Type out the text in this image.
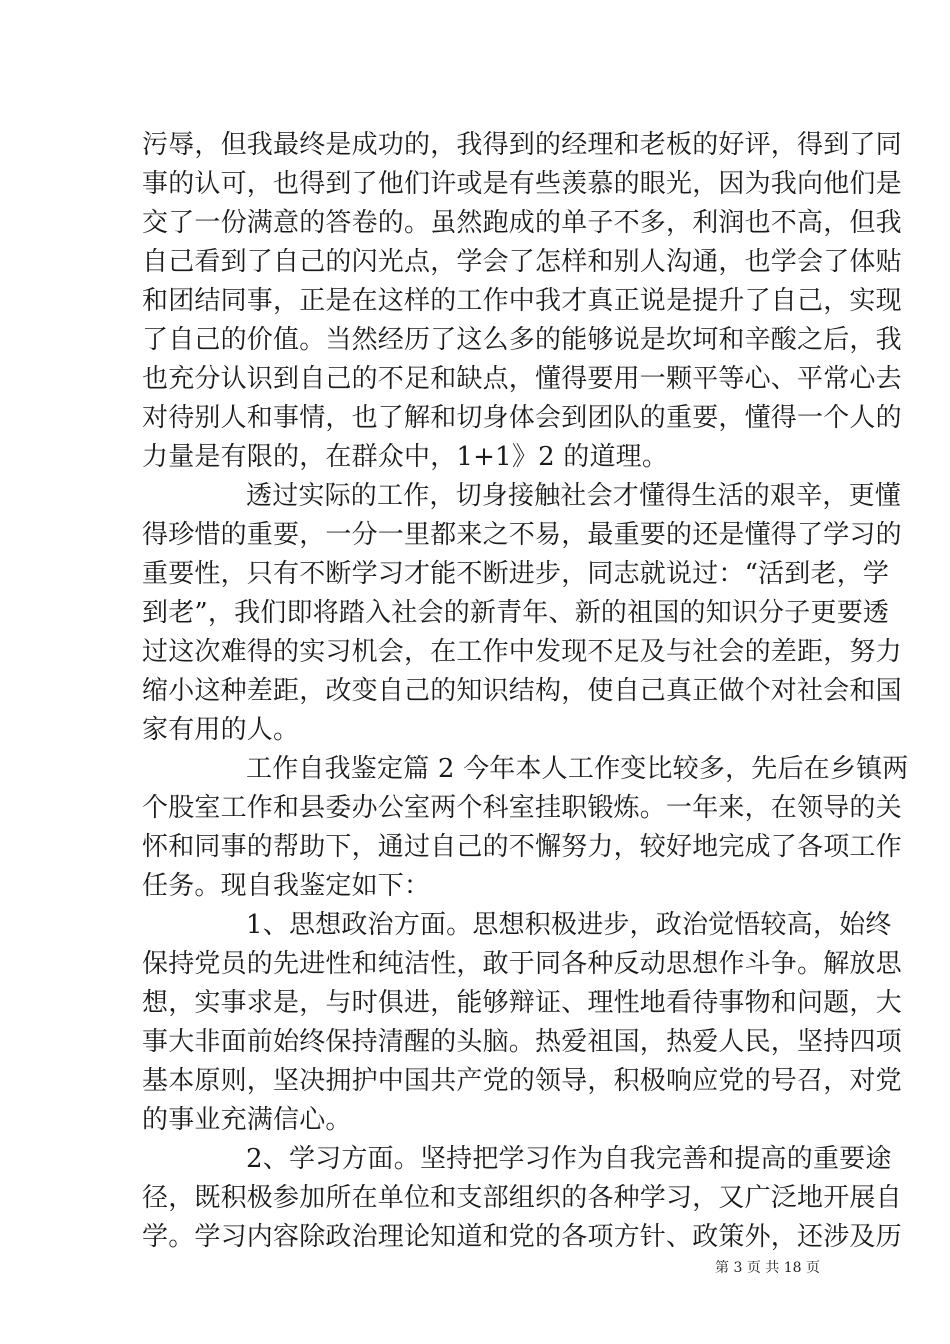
污辱，但我最终是成功的，我得到的经理和老板的好评，得到了同
事的认可，也得到了他们许或是有些羡慕的眼光，因为我向他们是
交了一份满意的答卷的。虽然跑成的单子不多，利润也不高，但我
自己看到了自己的闪光点，学会了怎样和别人沟通，也学会了体贴
和团结同事，正是在这样的工作中我才真正说是提升了自己，实现
了自己的价值。当然经历了这么多的能够说是坎坷和辛酸之后，我
也充分认识到自己的不足和缺点，懂得要用一颗平等心、平常心去
对待别人和事情，也了解和切身体会到团队的重要，懂得一个人的
力量是有限的，在群众中，1+1》2 的道理。
透过实际的工作，切身接触社会才懂得生活的艰辛，更懂
得珍惜的重要，一分一里都来之不易，最重要的还是懂得了学习的
重要性，只有不断学习才能不断进步，同志就说过：“活到老，学
到老”，我们即将踏入社会的新青年、新的祖国的知识分子更要透
过这次难得的实习机会，在工作中发现不足及与社会的差距，努力
缩小这种差距，改变自己的知识结构，使自己真正做个对社会和国
家有用的人。
工作自我鉴定篇 2 今年本人工作变比较多，先后在乡镇两
个股室工作和县委办公室两个科室挂职锻炼。一年来，在领导的关
怀和同事的帮助下，通过自己的不懈努力，较好地完成了各项工作
任务。现自我鉴定如下：
1、思想政治方面。思想积极进步，政治觉悟较高，始终
保持党员的先进性和纯洁性，敢于同各种反动思想作斗争。解放思
想，实事求是，与时俱进，能够辩证、理性地看待事物和问题，大
事大非面前始终保持清醒的头脑。热爱祖国，热爱人民，坚持四项
基本原则，坚决拥护中国共产党的领导，积极响应党的号召，对党
的事业充满信心。
2、学习方面。坚持把学习作为自我完善和提高的重要途
径，既积极参加所在单位和支部组织的各种学习，又广泛地开展自
学。学习内容除政治理论知道和党的各项方针、政策外，还涉及历
第 3 页 共 18 页
